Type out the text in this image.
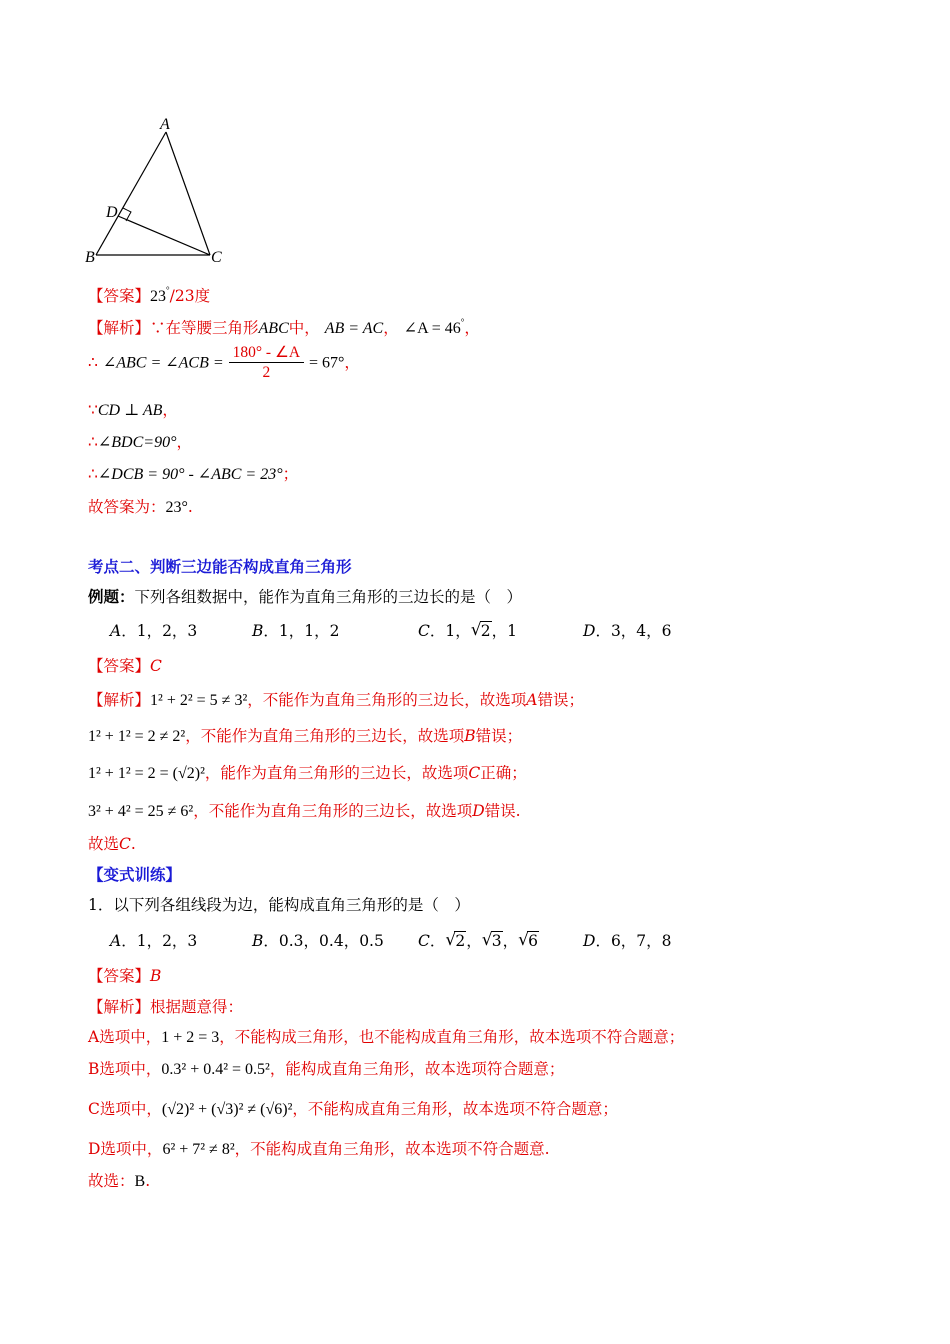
A
D
B	C
【答案】23°/23度
【解析】∵在等腰三角形ABC中， AB = AC， ∠A = 46°，
∴ ∠ABC = ∠ACB = $\frac{180^\circ - \angle A}{2} = 67^\circ$，
∵CD ⊥ AB，
∴∠BDC=90°，
∴∠DCB = 90° - ∠ABC = 23°；
故答案为：23°.
考点二、判断三边能否构成直角三角形
例题：下列各组数据中，能作为直角三角形的三边长的是（　）
A．1，2，3	B．1，1，2	C．1， √ 2，1	D．3，4，6
【答案】C
【解析】1² + 2² = 5 ≠ 3²，不能作为直角三角形的三边长，故选项A错误；
1² + 1² = 2 ≠ 2²，不能作为直角三角形的三边长，故选项B错误；
1² + 1² = 2 = (√2)²，能作为直角三角形的三边长，故选项C正确；
3² + 4² = 25 ≠ 6²，不能作为直角三角形的三边长，故选项D错误.
故选C.
【变式训练】
1．以下列各组线段为边，能构成直角三角形的是（　）
A．1，2，3	B．0.3，0.4，0.5 C． √ 2， √ 3， √ 6	D．6，7，8
【答案】B
【解析】根据题意得：
A选项中，1 + 2 = 3，不能构成三角形，也不能构成直角三角形，故本选项不符合题意；
B选项中，0.3² + 0.4² = 0.5²，能构成直角三角形，故本选项符合题意；
C选项中，(√2)² + (√3)² ≠ (√6)²，不能构成直角三角形，故本选项不符合题意；
D选项中，6² + 7² ≠ 8²，不能构成直角三角形，故本选项不符合题意.
故选：B.
